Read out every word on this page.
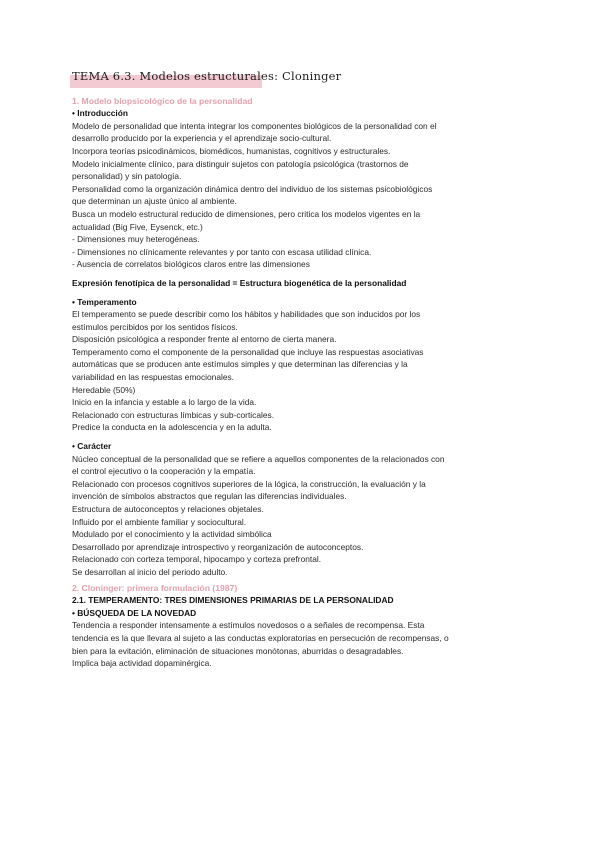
TEMA 6.3. Modelos estructurales: Cloninger
1. Modelo biopsicológico de la personalidad
• Introducción
Modelo de personalidad que intenta integrar los componentes biológicos de la personalidad con el
desarrollo producido por la experiencia y el aprendizaje socio-cultural.
Incorpora teorías psicodinámicos, biomédicos, humanistas, cognitivos y estructurales.
Modelo inicialmente clínico, para distinguir sujetos con patología psicológica (trastornos de
personalidad) y sin patología.
Personalidad como la organización dinámica dentro del individuo de los sistemas psicobiológicos
que determinan un ajuste único al ambiente.
Busca un modelo estructural reducido de dimensiones, pero critica los modelos vigentes en la
actualidad (Big Five, Eysenck, etc.)
- Dimensiones muy heterogéneas.
- Dimensiones no clínicamente relevantes y por tanto con escasa utilidad clínica.
- Ausencia de correlatos biológicos claros entre las dimensiones
Expresión fenotípica de la personalidad = Estructura biogenética de la personalidad
• Temperamento
El temperamento se puede describir como los hábitos y habilidades que son inducidos por los
estímulos percibidos por los sentidos físicos.
Disposición psicológica a responder frente al entorno de cierta manera.
Temperamento como el componente de la personalidad que incluye las respuestas asociativas
automáticas que se producen ante estímulos simples y que determinan las diferencias y la
variabilidad en las respuestas emocionales.
Heredable (50%)
Inicio en la infancia y estable a lo largo de la vida.
Relacionado con estructuras límbicas y sub-corticales.
Predice la conducta en la adolescencia y en la adulta.
• Carácter
Núcleo conceptual de la personalidad que se refiere a aquellos componentes de la relacionados con
el control ejecutivo o la cooperación y la empatía.
Relacionado con procesos cognitivos superiores de la lógica, la construcción, la evaluación y la
invención de símbolos abstractos que regulan las diferencias individuales.
Estructura de autoconceptos y relaciones objetales.
Influido por el ambiente familiar y sociocultural.
Modulado por el conocimiento y la actividad simbólica
Desarrollado por aprendizaje introspectivo y reorganización de autoconceptos.
Relacionado con corteza temporal, hipocampo y corteza prefrontal.
Se desarrollan al inicio del periodo adulto.
2. Cloninger: primera formulación (1987)
2.1. TEMPERAMENTO: TRES DIMENSIONES PRIMARIAS DE LA PERSONALIDAD
• BÚSQUEDA DE LA NOVEDAD
Tendencia a responder intensamente a estímulos novedosos o a señales de recompensa. Esta
tendencia es la que llevara al sujeto a las conductas exploratorias en persecución de recompensas, o
bien para la evitación, eliminación de situaciones monótonas, aburridas o desagradables.
Implica baja actividad dopaminérgica.
